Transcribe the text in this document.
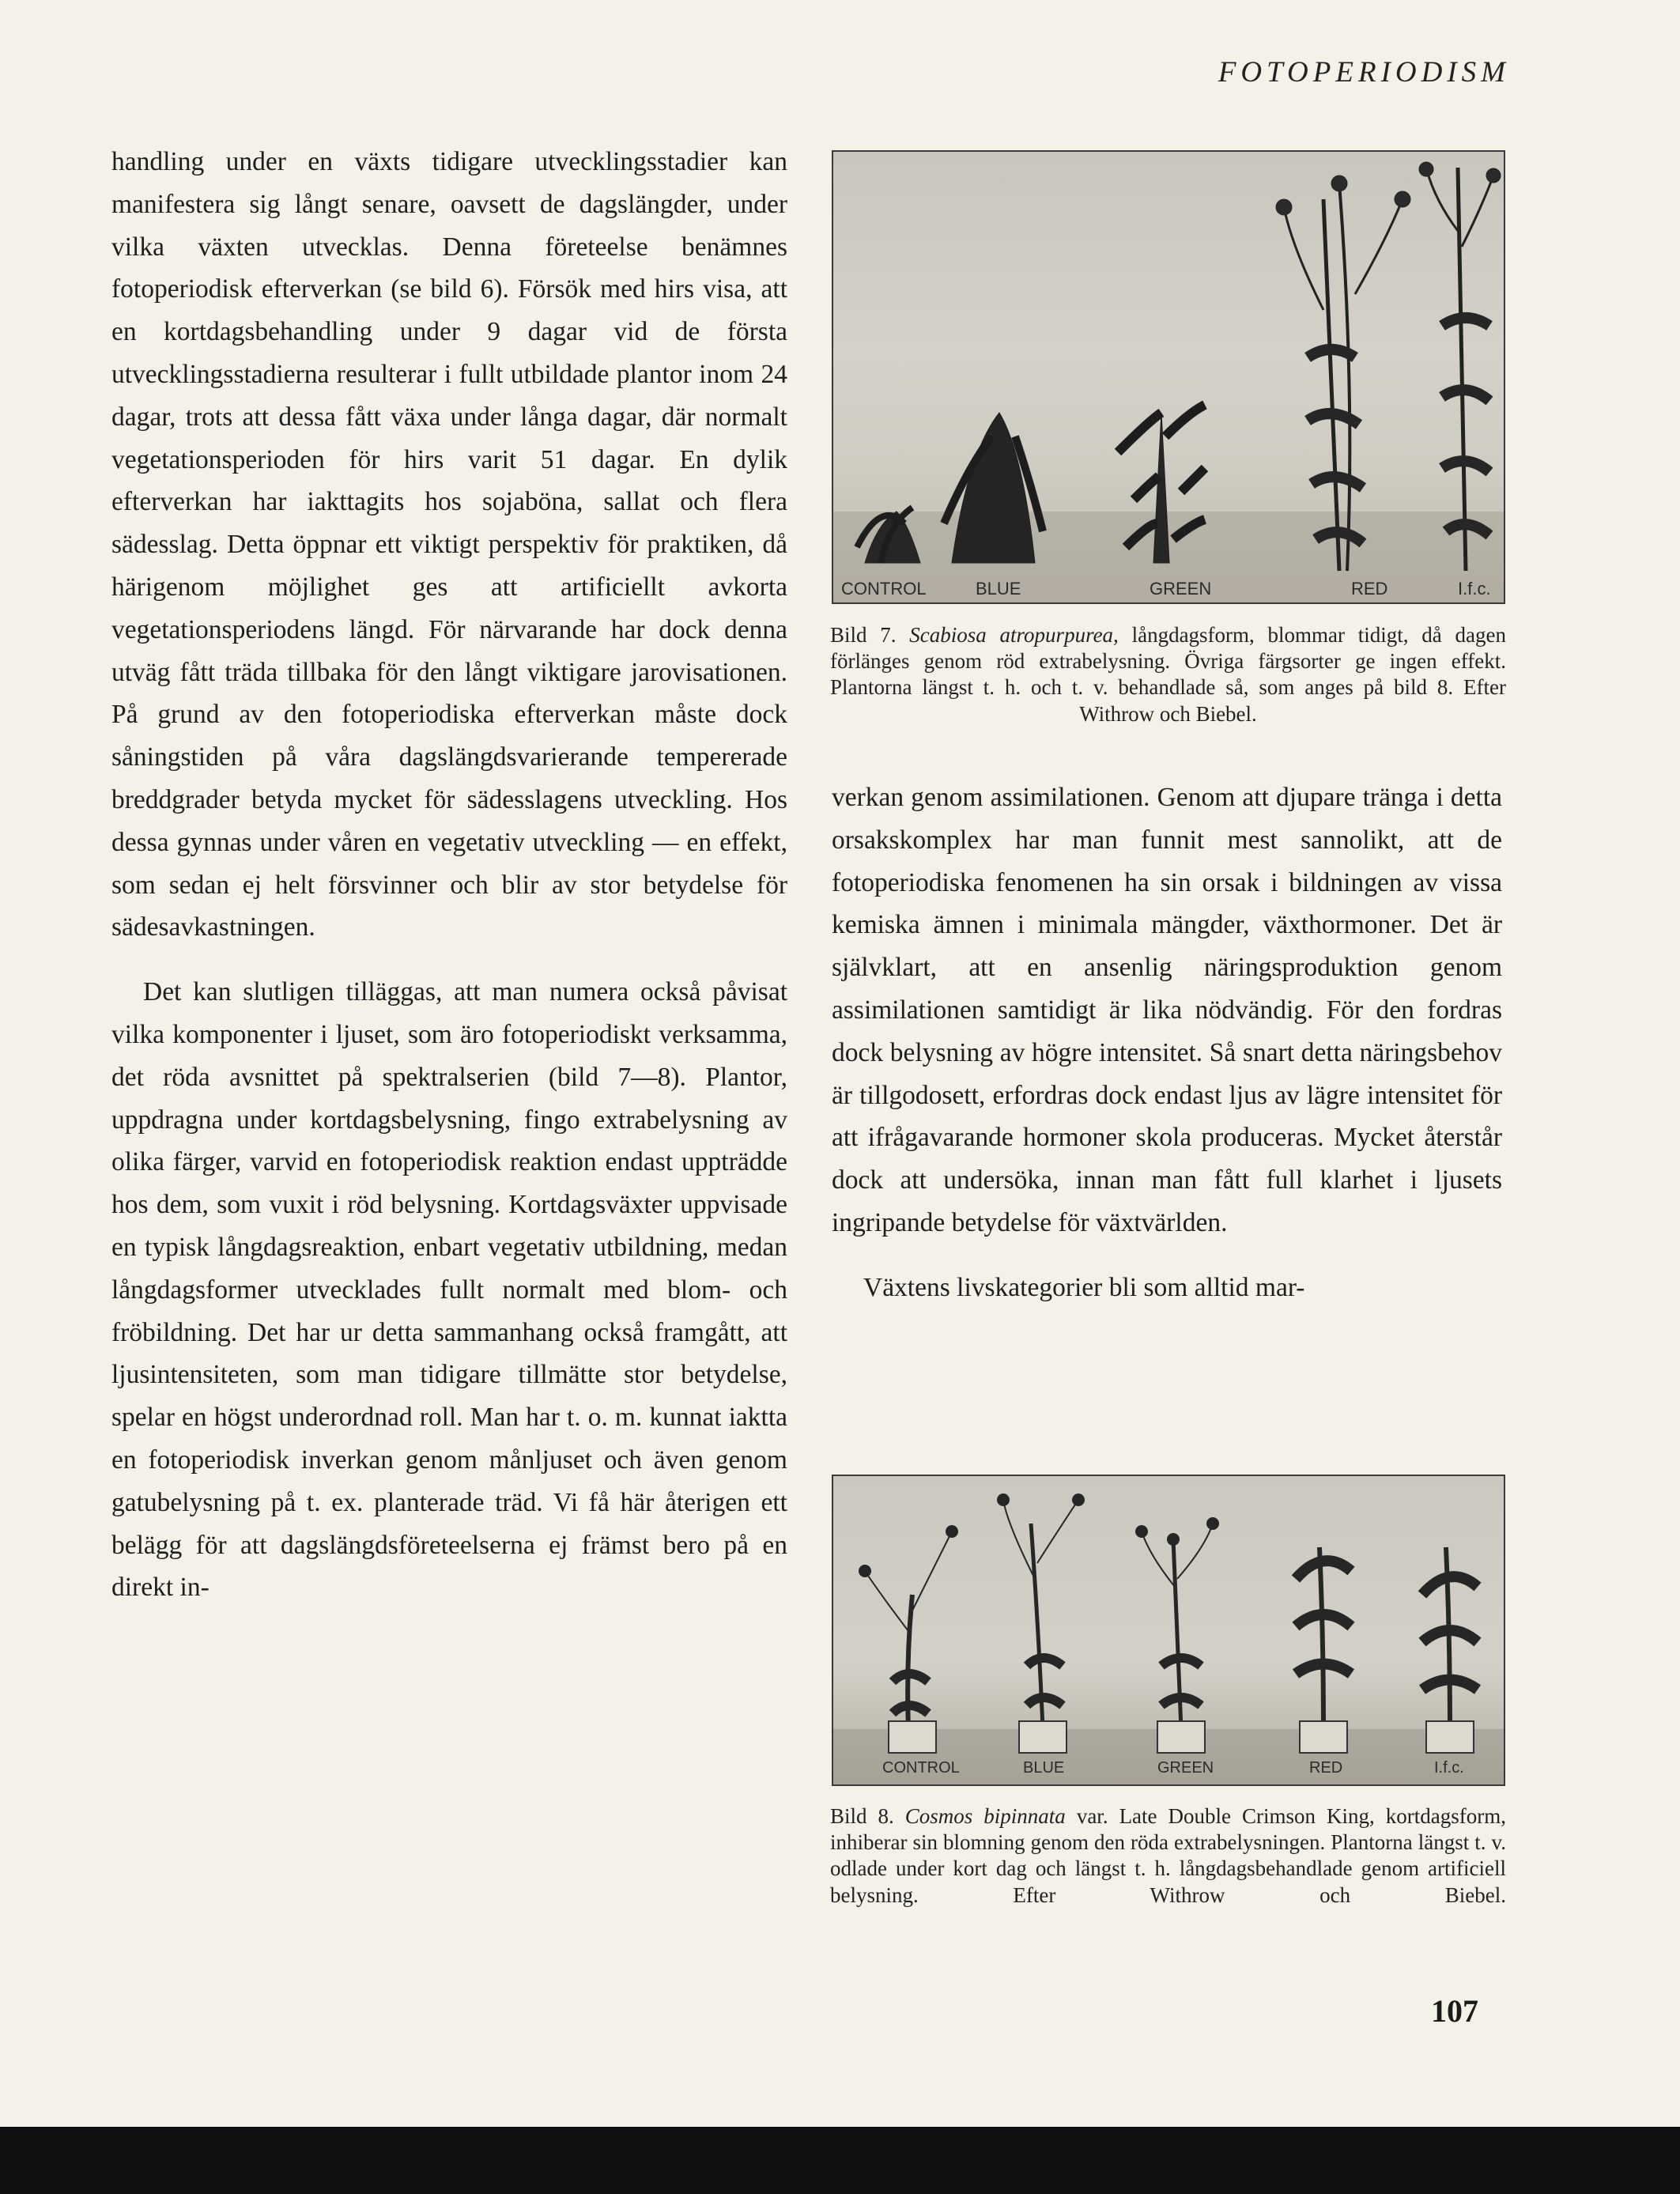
FOTOPERIODISM

handling under en växts tidigare utvecklingsstadier kan manifestera sig långt senare, oavsett de dagslängder, under vilka växten utvecklas. Denna företeelse benämnes fotoperiodisk efterverkan (se bild 6). Försök med hirs visa, att en kortdagsbehandling under 9 dagar vid de första utvecklingsstadierna resulterar i fullt utbildade plantor inom 24 dagar, trots att dessa fått växa under långa dagar, där normalt vegetationsperioden för hirs varit 51 dagar. En dylik efterverkan har iakttagits hos sojaböna, sallat och flera sädesslag. Detta öppnar ett viktigt perspektiv för praktiken, då härigenom möjlighet ges att artificiellt avkorta vegetationsperiodens längd. För närvarande har dock denna utväg fått träda tillbaka för den långt viktigare jarovisationen. På grund av den fotoperiodiska efterverkan måste dock såningstiden på våra dagslängdsvarierande tempererade breddgrader betyda mycket för sädesslagens utveckling. Hos dessa gynnas under våren en vegetativ utveckling — en effekt, som sedan ej helt försvinner och blir av stor betydelse för sädesavkastningen.

Det kan slutligen tilläggas, att man numera också påvisat vilka komponenter i ljuset, som äro fotoperiodiskt verksamma, det röda avsnittet på spektralserien (bild 7—8). Plantor, uppdragna under kortdagsbelysning, fingo extrabelysning av olika färger, varvid en fotoperiodisk reaktion endast uppträdde hos dem, som vuxit i röd belysning. Kortdagsväxter uppvisade en typisk långdagsreaktion, enbart vegetativ utbildning, medan långdagsformer utvecklades fullt normalt med blom- och fröbildning. Det har ur detta sammanhang också framgått, att ljusintensiteten, som man tidigare tillmätte stor betydelse, spelar en högst underordnad roll. Man har t. o. m. kunnat iaktta en fotoperiodisk inverkan genom månljuset och även genom gatubelysning på t. ex. planterade träd. Vi få här återigen ett belägg för att dagslängdsföreteelserna ej främst bero på en direkt in-

CONTROL	BLUE	GREEN	RED	I.f.c.
Bild 7. Scabiosa atropurpurea, långdagsform, blommar tidigt, då dagen förlänges genom röd extrabelysning. Övriga färgsorter ge ingen effekt. Plantorna längst t. h. och t. v. behandlade så, som anges på bild 8. Efter Withrow och Biebel.

verkan genom assimilationen. Genom att djupare tränga i detta orsakskomplex har man funnit mest sannolikt, att de fotoperiodiska fenomenen ha sin orsak i bildningen av vissa kemiska ämnen i minimala mängder, växthormoner. Det är självklart, att en ansenlig näringsproduktion genom assimilationen samtidigt är lika nödvändig. För den fordras dock belysning av högre intensitet. Så snart detta näringsbehov är tillgodosett, erfordras dock endast ljus av lägre intensitet för att ifrågavarande hormoner skola produceras. Mycket återstår dock att undersöka, innan man fått full klarhet i ljusets ingripande betydelse för växtvärlden.

Växtens livskategorier bli som alltid mar-

CONTROL	BLUE	GREEN	RED	I.f.c.
Bild 8. Cosmos bipinnata var. Late Double Crimson King, kortdagsform, inhiberar sin blomning genom den röda extrabelysningen. Plantorna längst t. v. odlade under kort dag och längst t. h. långdagsbehandlade genom artificiell belysning. Efter Withrow och Biebel.
107
